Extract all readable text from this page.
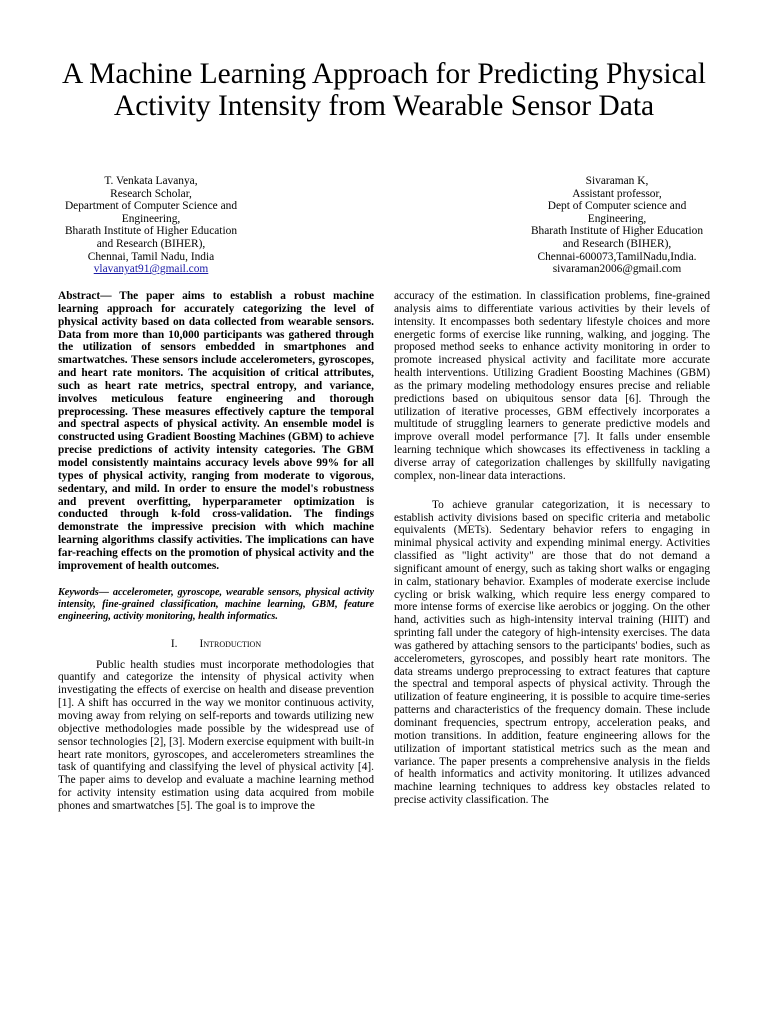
A Machine Learning Approach for Predicting Physical Activity Intensity from Wearable Sensor Data
T. Venkata Lavanya,
Research Scholar,
Department of Computer Science and
Engineering,
Bharath Institute of Higher Education
and Research (BIHER),
Chennai, Tamil Nadu, India
vlavanyat91@gmail.com
Sivaraman K,
Assistant professor,
Dept of Computer science and
Engineering,
Bharath Institute of Higher Education
and Research (BIHER),
Chennai-600073,TamilNadu,India.
sivaraman2006@gmail.com

Abstract— The paper aims to establish a robust machine learning approach for accurately categorizing the level of physical activity based on data collected from wearable sensors. Data from more than 10,000 participants was gathered through the utilization of sensors embedded in smartphones and smartwatches. These sensors include accelerometers, gyroscopes, and heart rate monitors. The acquisition of critical attributes, such as heart rate metrics, spectral entropy, and variance, involves meticulous feature engineering and thorough preprocessing. These measures effectively capture the temporal and spectral aspects of physical activity. An ensemble model is constructed using Gradient Boosting Machines (GBM) to achieve precise predictions of activity intensity categories. The GBM model consistently maintains accuracy levels above 99% for all types of physical activity, ranging from moderate to vigorous, sedentary, and mild. In order to ensure the model's robustness and prevent overfitting, hyperparameter optimization is conducted through k-fold cross-validation. The findings demonstrate the impressive precision with which machine learning algorithms classify activities. The implications can have far-reaching effects on the promotion of physical activity and the improvement of health outcomes.

Keywords— accelerometer, gyroscope, wearable sensors, physical activity intensity, fine-grained classification, machine learning, GBM, feature engineering, activity monitoring, health informatics.

I. Introduction

Public health studies must incorporate methodologies that quantify and categorize the intensity of physical activity when investigating the effects of exercise on health and disease prevention [1]. A shift has occurred in the way we monitor continuous activity, moving away from relying on self-reports and towards utilizing new objective methodologies made possible by the widespread use of sensor technologies [2], [3]. Modern exercise equipment with built-in heart rate monitors, gyroscopes, and accelerometers streamlines the task of quantifying and classifying the level of physical activity [4]. The paper aims to develop and evaluate a machine learning method for activity intensity estimation using data acquired from mobile phones and smartwatches [5]. The goal is to improve the

accuracy of the estimation. In classification problems, fine-grained analysis aims to differentiate various activities by their levels of intensity. It encompasses both sedentary lifestyle choices and more energetic forms of exercise like running, walking, and jogging. The proposed method seeks to enhance activity monitoring in order to promote increased physical activity and facilitate more accurate health interventions. Utilizing Gradient Boosting Machines (GBM) as the primary modeling methodology ensures precise and reliable predictions based on ubiquitous sensor data [6]. Through the utilization of iterative processes, GBM effectively incorporates a multitude of struggling learners to generate predictive models and improve overall model performance [7]. It falls under ensemble learning technique which showcases its effectiveness in tackling a diverse array of categorization challenges by skillfully navigating complex, non-linear data interactions.

To achieve granular categorization, it is necessary to establish activity divisions based on specific criteria and metabolic equivalents (METs). Sedentary behavior refers to engaging in minimal physical activity and expending minimal energy. Activities classified as "light activity" are those that do not demand a significant amount of energy, such as taking short walks or engaging in calm, stationary behavior. Examples of moderate exercise include cycling or brisk walking, which require less energy compared to more intense forms of exercise like aerobics or jogging. On the other hand, activities such as high-intensity interval training (HIIT) and sprinting fall under the category of high-intensity exercises. The data was gathered by attaching sensors to the participants' bodies, such as accelerometers, gyroscopes, and possibly heart rate monitors. The data streams undergo preprocessing to extract features that capture the spectral and temporal aspects of physical activity. Through the utilization of feature engineering, it is possible to acquire time-series patterns and characteristics of the frequency domain. These include dominant frequencies, spectrum entropy, acceleration peaks, and motion transitions. In addition, feature engineering allows for the utilization of important statistical metrics such as the mean and variance. The paper presents a comprehensive analysis in the fields of health informatics and activity monitoring. It utilizes advanced machine learning techniques to address key obstacles related to precise activity classification. The
